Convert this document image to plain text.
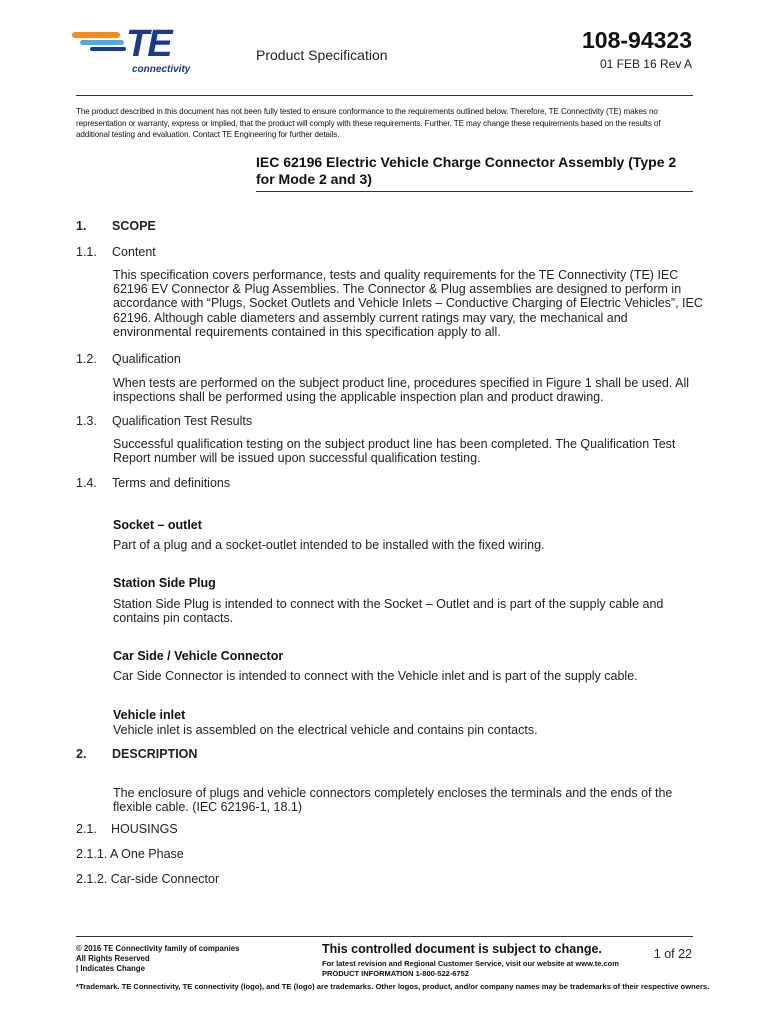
TE
connectivity
Product Specification
108-94323
01 FEB 16 Rev A
The product described in this document has not been fully tested to ensure conformance to the requirements outlined below. Therefore, TE Connectivity (TE) makes no representation or warranty, express or implied, that the product will comply with these requirements. Further, TE may change these requirements based on the results of additional testing and evaluation. Contact TE Engineering for further details.
IEC 62196 Electric Vehicle Charge Connector Assembly (Type 2 for Mode 2 and 3)
1. SCOPE
1.1. Content
This specification covers performance, tests and quality requirements for the TE Connectivity (TE) IEC 62196 EV Connector & Plug Assemblies. The Connector & Plug assemblies are designed to perform in accordance with “Plugs, Socket Outlets and Vehicle Inlets – Conductive Charging of Electric Vehicles”, IEC 62196. Although cable diameters and assembly current ratings may vary, the mechanical and environmental requirements contained in this specification apply to all.
1.2. Qualification
When tests are performed on the subject product line, procedures specified in Figure 1 shall be used. All inspections shall be performed using the applicable inspection plan and product drawing.
1.3. Qualification Test Results
Successful qualification testing on the subject product line has been completed. The Qualification Test Report number will be issued upon successful qualification testing.
1.4. Terms and definitions
Socket – outlet
Part of a plug and a socket-outlet intended to be installed with the fixed wiring.
Station Side Plug
Station Side Plug is intended to connect with the Socket – Outlet and is part of the supply cable and contains pin contacts.
Car Side / Vehicle Connector
Car Side Connector is intended to connect with the Vehicle inlet and is part of the supply cable.
Vehicle inlet
Vehicle inlet is assembled on the electrical vehicle and contains pin contacts.
2. DESCRIPTION
The enclosure of plugs and vehicle connectors completely encloses the terminals and the ends of the flexible cable. (IEC 62196-1, 18.1)
2.1. HOUSINGS
2.1.1. A One Phase
2.1.2. Car-side Connector
© 2016 TE Connectivity family of companies
All Rights Reserved
| Indicates Change
This controlled document is subject to change.
For latest revision and Regional Customer Service, visit our website at www.te.com
PRODUCT INFORMATION 1-800-522-6752
1 of 22
*Trademark. TE Connectivity, TE connectivity (logo), and TE (logo) are trademarks. Other logos, product, and/or company names may be trademarks of their respective owners.
